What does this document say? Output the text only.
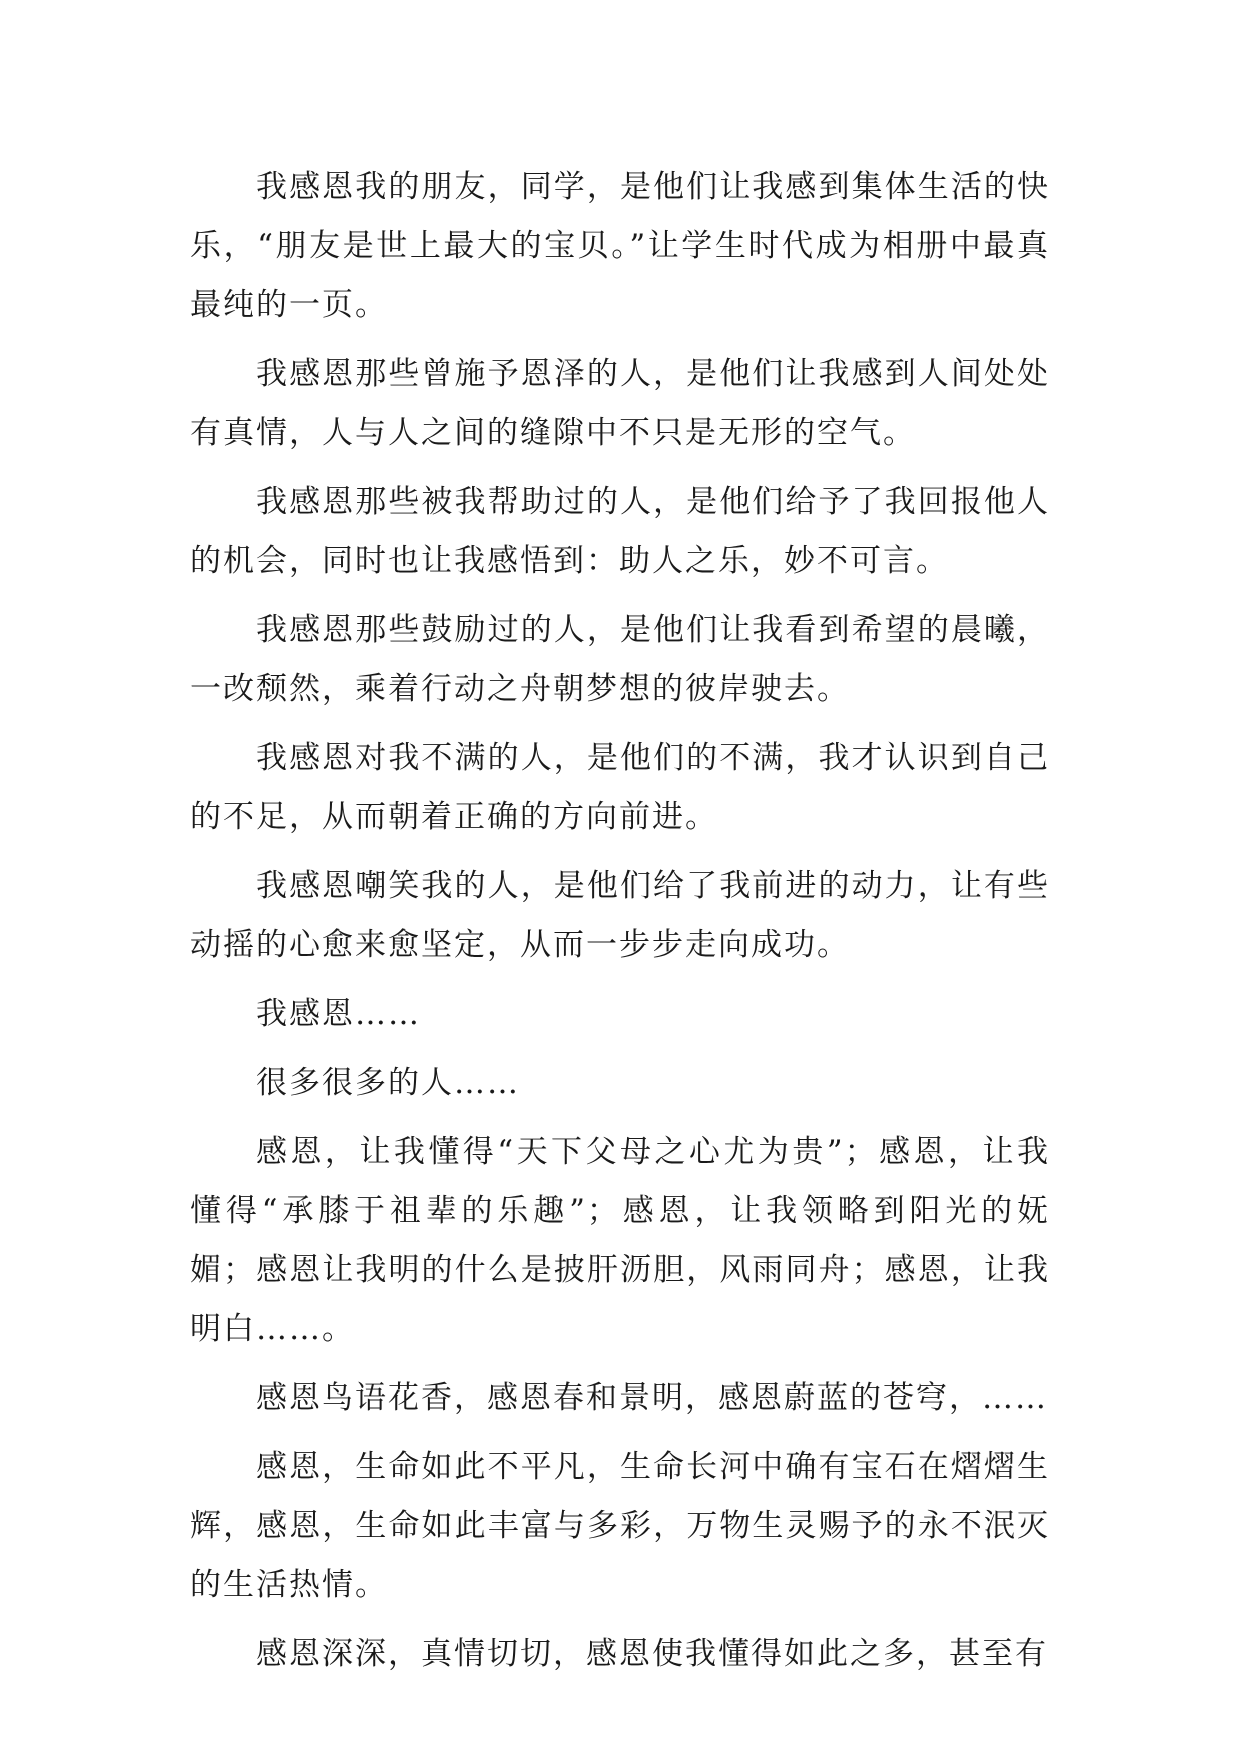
我感恩我的朋友，同学，是他们让我感到集体生活的快乐，“朋友是世上最大的宝贝。”让学生时代成为相册中最真最纯的一页。

我感恩那些曾施予恩泽的人，是他们让我感到人间处处有真情，人与人之间的缝隙中不只是无形的空气。

我感恩那些被我帮助过的人，是他们给予了我回报他人的机会，同时也让我感悟到：助人之乐，妙不可言。

我感恩那些鼓励过的人，是他们让我看到希望的晨曦，一改颓然，乘着行动之舟朝梦想的彼岸驶去。

我感恩对我不满的人，是他们的不满，我才认识到自己的不足，从而朝着正确的方向前进。

我感恩嘲笑我的人，是他们给了我前进的动力，让有些动摇的心愈来愈坚定，从而一步步走向成功。

我感恩……

很多很多的人……

感恩，让我懂得“天下父母之心尤为贵”；感恩，让我懂得“承膝于祖辈的乐趣”；感恩，让我领略到阳光的妩媚；感恩让我明的什么是披肝沥胆，风雨同舟；感恩，让我明白……。

感恩鸟语花香，感恩春和景明，感恩蔚蓝的苍穹，……

感恩，生命如此不平凡，生命长河中确有宝石在熠熠生辉，感恩，生命如此丰富与多彩，万物生灵赐予的永不泯灭的生活热情。

感恩深深，真情切切，感恩使我懂得如此之多，甚至有
